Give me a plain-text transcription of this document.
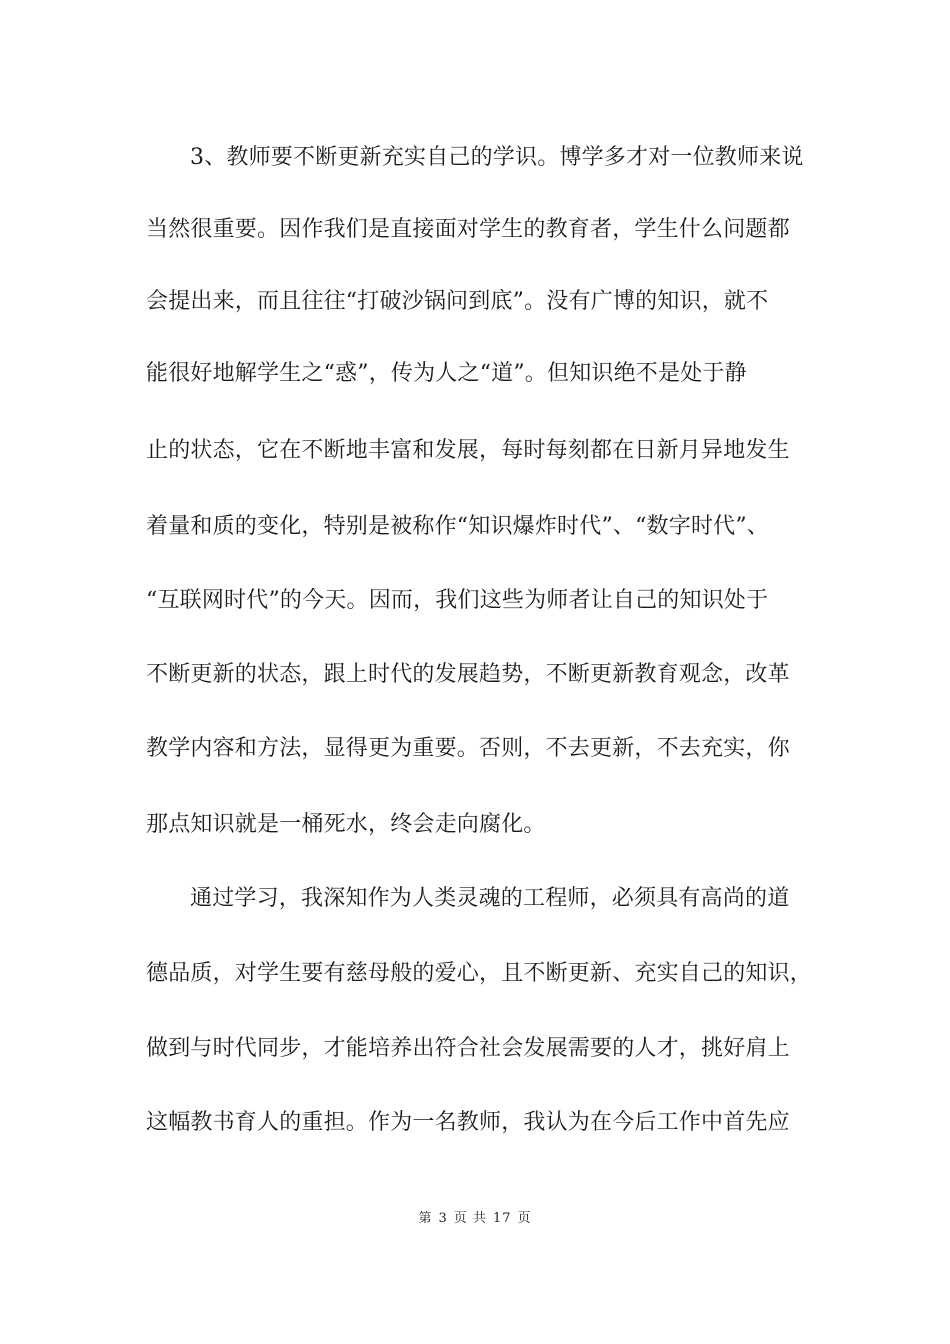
3、教师要不断更新充实自己的学识。博学多才对一位教师来说
当然很重要。因作我们是直接面对学生的教育者，学生什么问题都
会提出来，而且往往“打破沙锅问到底”。没有广博的知识，就不
能很好地解学生之“惑”，传为人之“道”。但知识绝不是处于静
止的状态，它在不断地丰富和发展，每时每刻都在日新月异地发生
着量和质的变化，特别是被称作“知识爆炸时代”、“数字时代”、
“互联网时代”的今天。因而，我们这些为师者让自己的知识处于
不断更新的状态，跟上时代的发展趋势，不断更新教育观念，改革
教学内容和方法，显得更为重要。否则，不去更新，不去充实，你
那点知识就是一桶死水，终会走向腐化。
通过学习，我深知作为人类灵魂的工程师，必须具有高尚的道
德品质，对学生要有慈母般的爱心，且不断更新、充实自己的知识，
做到与时代同步，才能培养出符合社会发展需要的人才，挑好肩上
这幅教书育人的重担。作为一名教师，我认为在今后工作中首先应
第 3 页 共 17 页
